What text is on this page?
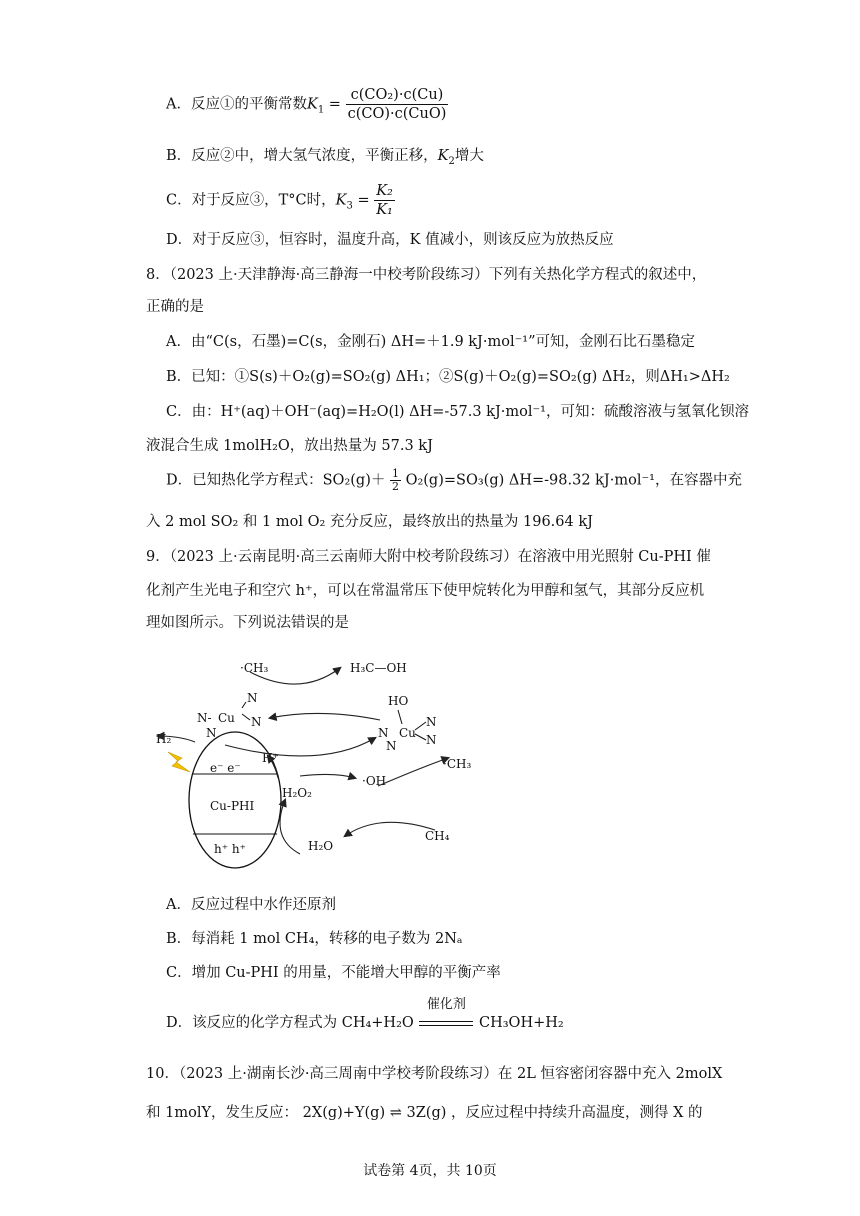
A．反应①的平衡常数$K_1 = \frac{\text{c(CO₂)·c(Cu)}}{\text{c(CO)·c(CuO)}}$
B．反应②中，增大氢气浓度，平衡正移，$K_2$增大
C．对于反应③，T°C时，$K_3 = \frac{\text{K₂}}{\text{K₁}}$
D．对于反应③，恒容时，温度升高，K 值减小，则该反应为放热反应
8．（2023 上·天津静海·高三静海一中校考阶段练习）下列有关热化学方程式的叙述中，
正确的是
A．由“C(s，石墨)=C(s，金刚石) ΔH=＋1.9 kJ·mol⁻¹”可知，金刚石比石墨稳定
B．已知：①S(s)＋O₂(g)=SO₂(g) ΔH₁；②S(g)＋O₂(g)=SO₂(g) ΔH₂，则ΔH₁>ΔH₂
C．由：H⁺(aq)＋OH⁻(aq)=H₂O(l) ΔH=-57.3 kJ·mol⁻¹，可知：硫酸溶液与氢氧化钡溶
液混合生成 1molH₂O，放出热量为 57.3 kJ
D．已知热化学方程式：$SO_2(g)+ \frac{1}{2} O_2(g)=SO_3(g)$ ΔH=-98.32 kJ·mol⁻¹，在容器中充
入 2 mol SO₂ 和 1 mol O₂ 充分反应，最终放出的热量为 196.64 kJ
9．（2023 上·云南昆明·高三云南师大附中校考阶段练习）在溶液中用光照射 Cu-PHI 催
化剂产生光电子和空穴 h⁺，可以在常温常压下使甲烷转化为甲醇和氢气，其部分反应机
理如图所示。下列说法错误的是
·CH₃	H₃C—OH
N
N- Cu N
N
HO
N Cu
N
N
N
H₂
H⁺
e⁻ e⁻
Cu-PHI
h⁺ h⁺
H₂O₂
·OH
·CH₃
CH₄
H₂O
A．反应过程中水作还原剂
B．每消耗 1 mol CH₄，转移的电子数为 2Nₐ
C．增加 Cu-PHI 的用量，不能增大甲醇的平衡产率
D．该反应的化学方程式为 CH₄+H₂O
催化剂
CH₃OH+H₂
10．（2023 上·湖南长沙·高三周南中学校考阶段练习）在 2L 恒容密闭容器中充入 2molX
和 1molY，发生反应： 2X(g)+Y(g) ⇌ 3Z(g) ，反应过程中持续升高温度，测得 X 的
试卷第 4页，共 10页
